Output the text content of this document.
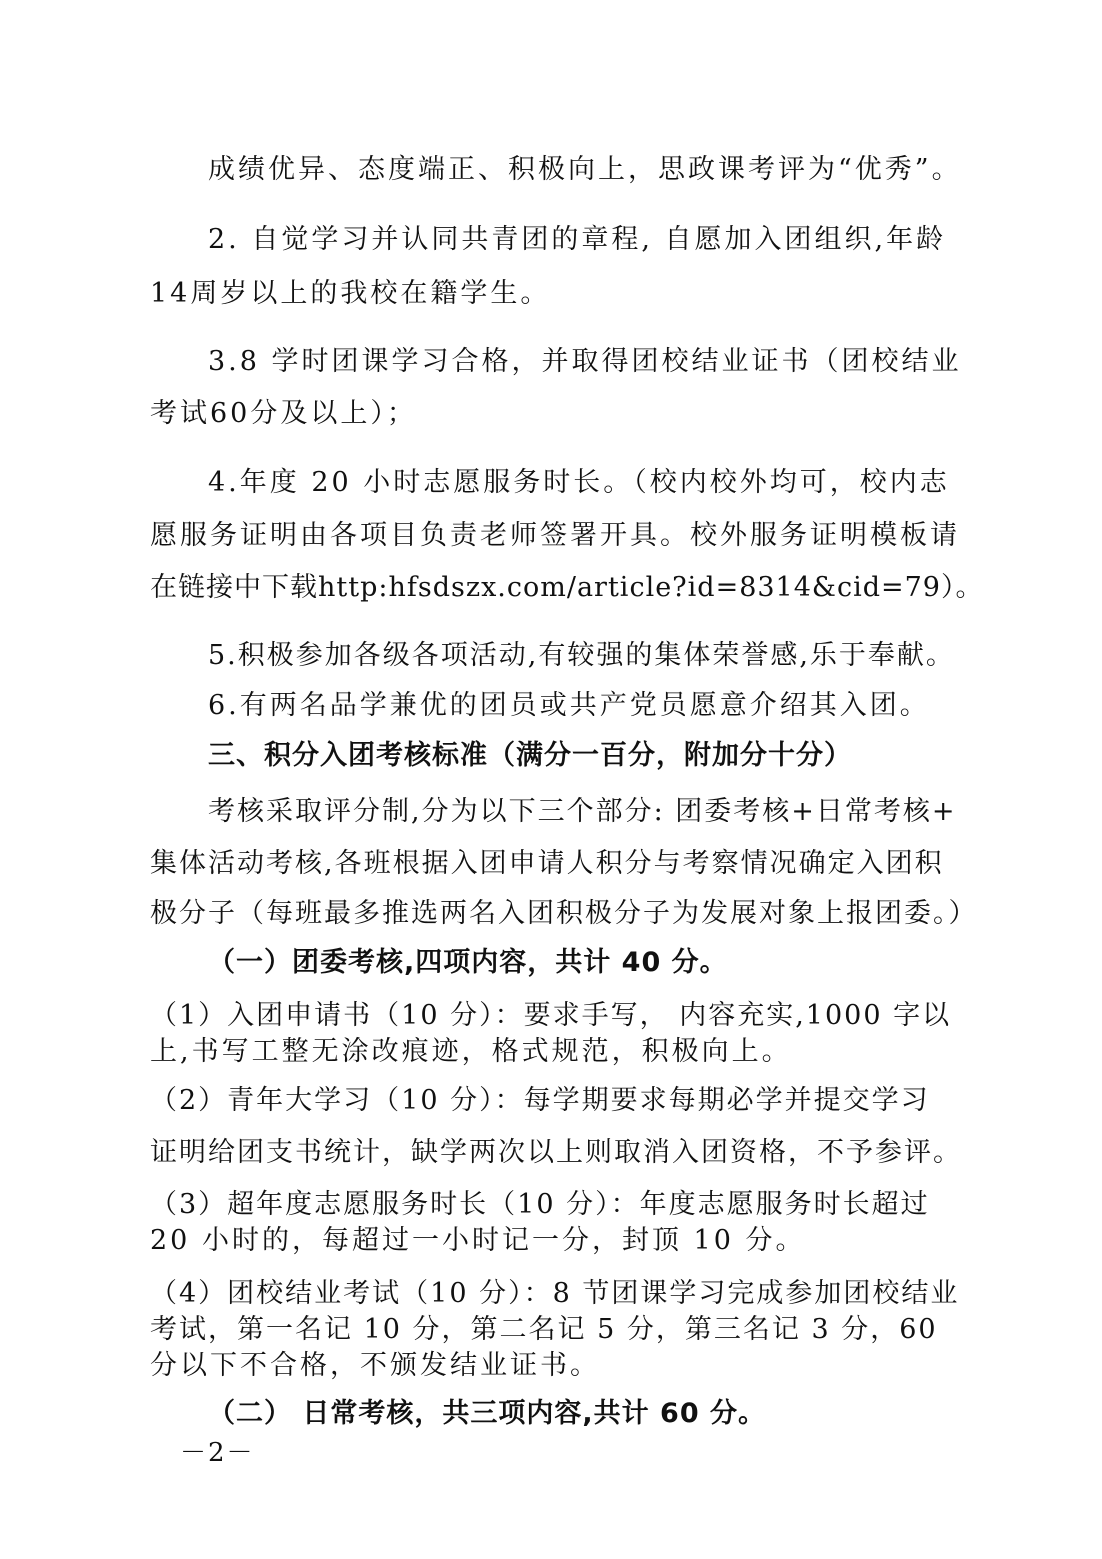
成绩优异、态度端正、积极向上，思政课考评为“优秀”。
2. 自觉学习并认同共青团的章程, 自愿加入团组织,年龄
14周岁以上的我校在籍学生。
3.8 学时团课学习合格，并取得团校结业证书（团校结业
考试60分及以上）；
4.年度 20 小时志愿服务时长。（校内校外均可，校内志
愿服务证明由各项目负责老师签署开具。校外服务证明模板请
在链接中下载http:hfsdszx.com/article?id=8314&cid=79）。
5.积极参加各级各项活动,有较强的集体荣誉感,乐于奉献。
6.有两名品学兼优的团员或共产党员愿意介绍其入团。
三、积分入团考核标准（满分一百分，附加分十分）
考核采取评分制,分为以下三个部分: 团委考核+日常考核+
集体活动考核,各班根据入团申请人积分与考察情况确定入团积
极分子（每班最多推选两名入团积极分子为发展对象上报团委。）
（一）团委考核,四项内容，共计 40 分。
（1）入团申请书（10 分）：要求手写， 内容充实,1000 字以
上,书写工整无涂改痕迹，格式规范，积极向上。
（2）青年大学习（10 分）：每学期要求每期必学并提交学习
证明给团支书统计，缺学两次以上则取消入团资格，不予参评。
（3）超年度志愿服务时长（10 分）：年度志愿服务时长超过
20 小时的，每超过一小时记一分，封顶 10 分。
（4）团校结业考试（10 分）：8 节团课学习完成参加团校结业
考试，第一名记 10 分，第二名记 5 分，第三名记 3 分，60
分以下不合格，不颁发结业证书。
（二） 日常考核，共三项内容,共计 60 分。
－2－
